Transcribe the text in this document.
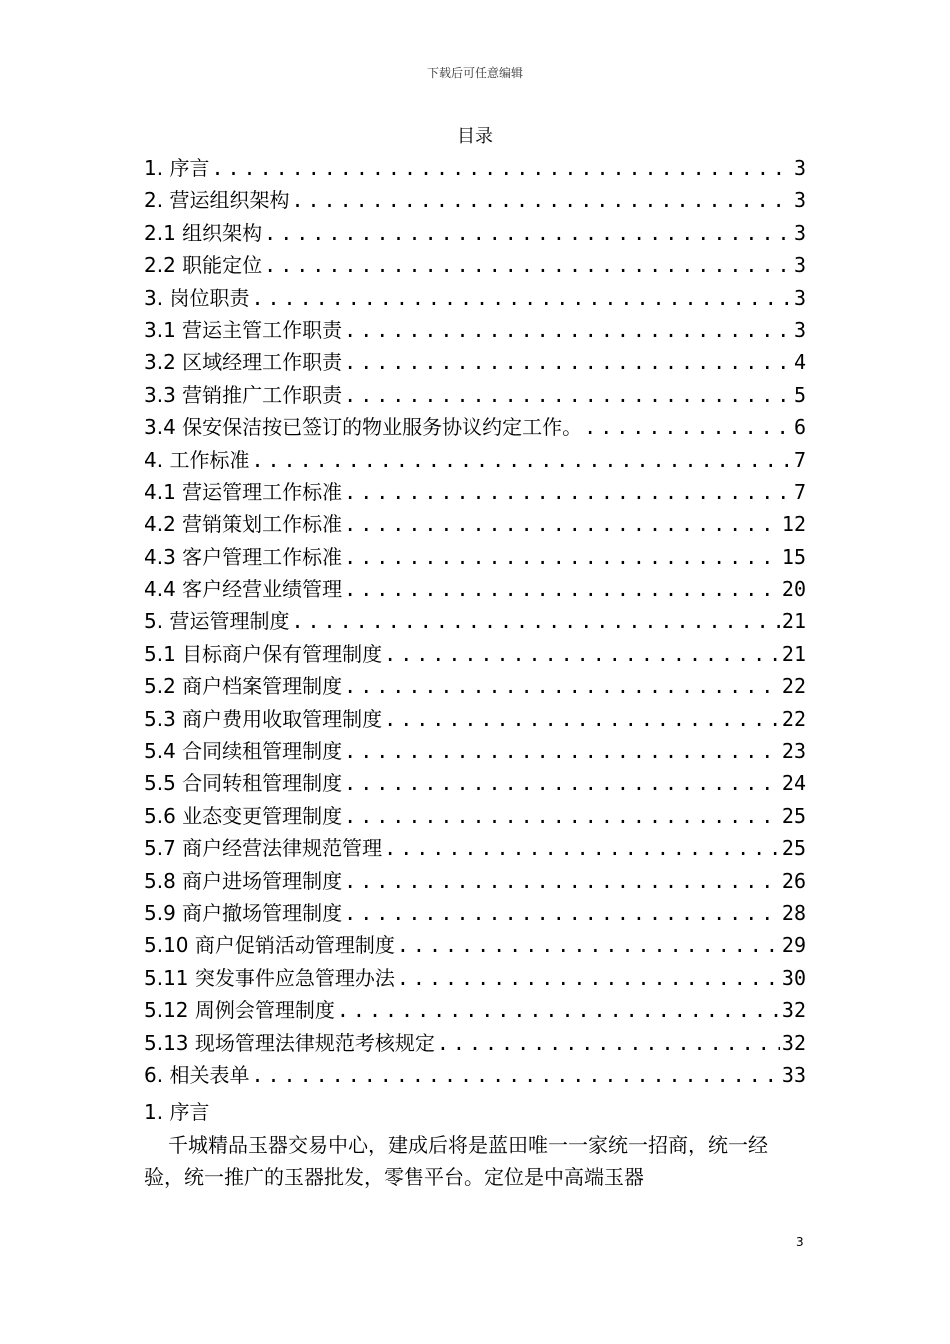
下载后可任意编辑
目录
1. 序言 .....	3
2. 营运组织架构 .....	3
2.1 组织架构 .....	3
2.2 职能定位 .....	3
3. 岗位职责 .....	3
3.1 营运主管工作职责 .....	3
3.2 区域经理工作职责 .....	4
3.3 营销推广工作职责 .....	5
3.4 保安保洁按已签订的物业服务协议约定工作。 .....	6
4. 工作标准 .....	7
4.1 营运管理工作标准 .....	7
4.2 营销策划工作标准 .....	12
4.3 客户管理工作标准 .....	15
4.4 客户经营业绩管理 .....	20
5. 营运管理制度 .....	21
5.1 目标商户保有管理制度 .....	21
5.2 商户档案管理制度 .....	22
5.3 商户费用收取管理制度 .....	22
5.4 合同续租管理制度 .....	23
5.5 合同转租管理制度 .....	24
5.6 业态变更管理制度 .....	25
5.7 商户经营法律规范管理 .....	25
5.8 商户进场管理制度 .....	26
5.9 商户撤场管理制度 .....	28
5.10 商户促销活动管理制度 .....	29
5.11 突发事件应急管理办法 .....	30
5.12 周例会管理制度 .....	32
5.13 现场管理法律规范考核规定 .....	32
6. 相关表单 .....	33
1. 序言

千城精品玉器交易中心，建成后将是蓝田唯一一家统一招商，统一经验，统一推广的玉器批发，零售平台。定位是中高端玉器

3
